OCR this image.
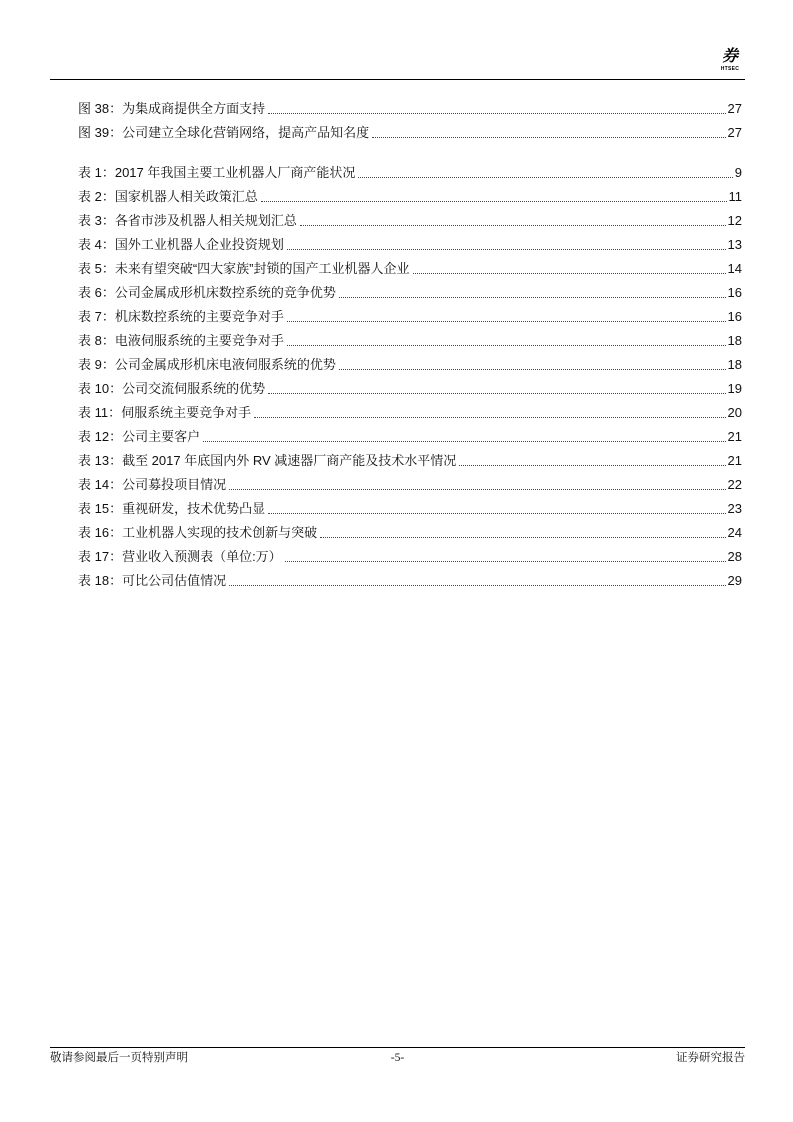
券
HTSEC
图 38：为集成商提供全方面支持	27
图 39：公司建立全球化营销网络，提高产品知名度	27
表 1：2017 年我国主要工业机器人厂商产能状况	9
表 2：国家机器人相关政策汇总	11
表 3：各省市涉及机器人相关规划汇总	12
表 4：国外工业机器人企业投资规划	13
表 5：未来有望突破“四大家族”封锁的国产工业机器人企业	14
表 6：公司金属成形机床数控系统的竞争优势	16
表 7：机床数控系统的主要竞争对手	16
表 8：电液伺服系统的主要竞争对手	18
表 9：公司金属成形机床电液伺服系统的优势	18
表 10：公司交流伺服系统的优势	19
表 11：伺服系统主要竞争对手	20
表 12：公司主要客户	21
表 13：截至 2017 年底国内外 RV 减速器厂商产能及技术水平情况	21
表 14：公司募投项目情况	22
表 15：重视研发，技术优势凸显	23
表 16：工业机器人实现的技术创新与突破	24
表 17：营业收入预测表（单位:万）	28
表 18：可比公司估值情况	29
敬请参阅最后一页特别声明	-5-	证券研究报告
